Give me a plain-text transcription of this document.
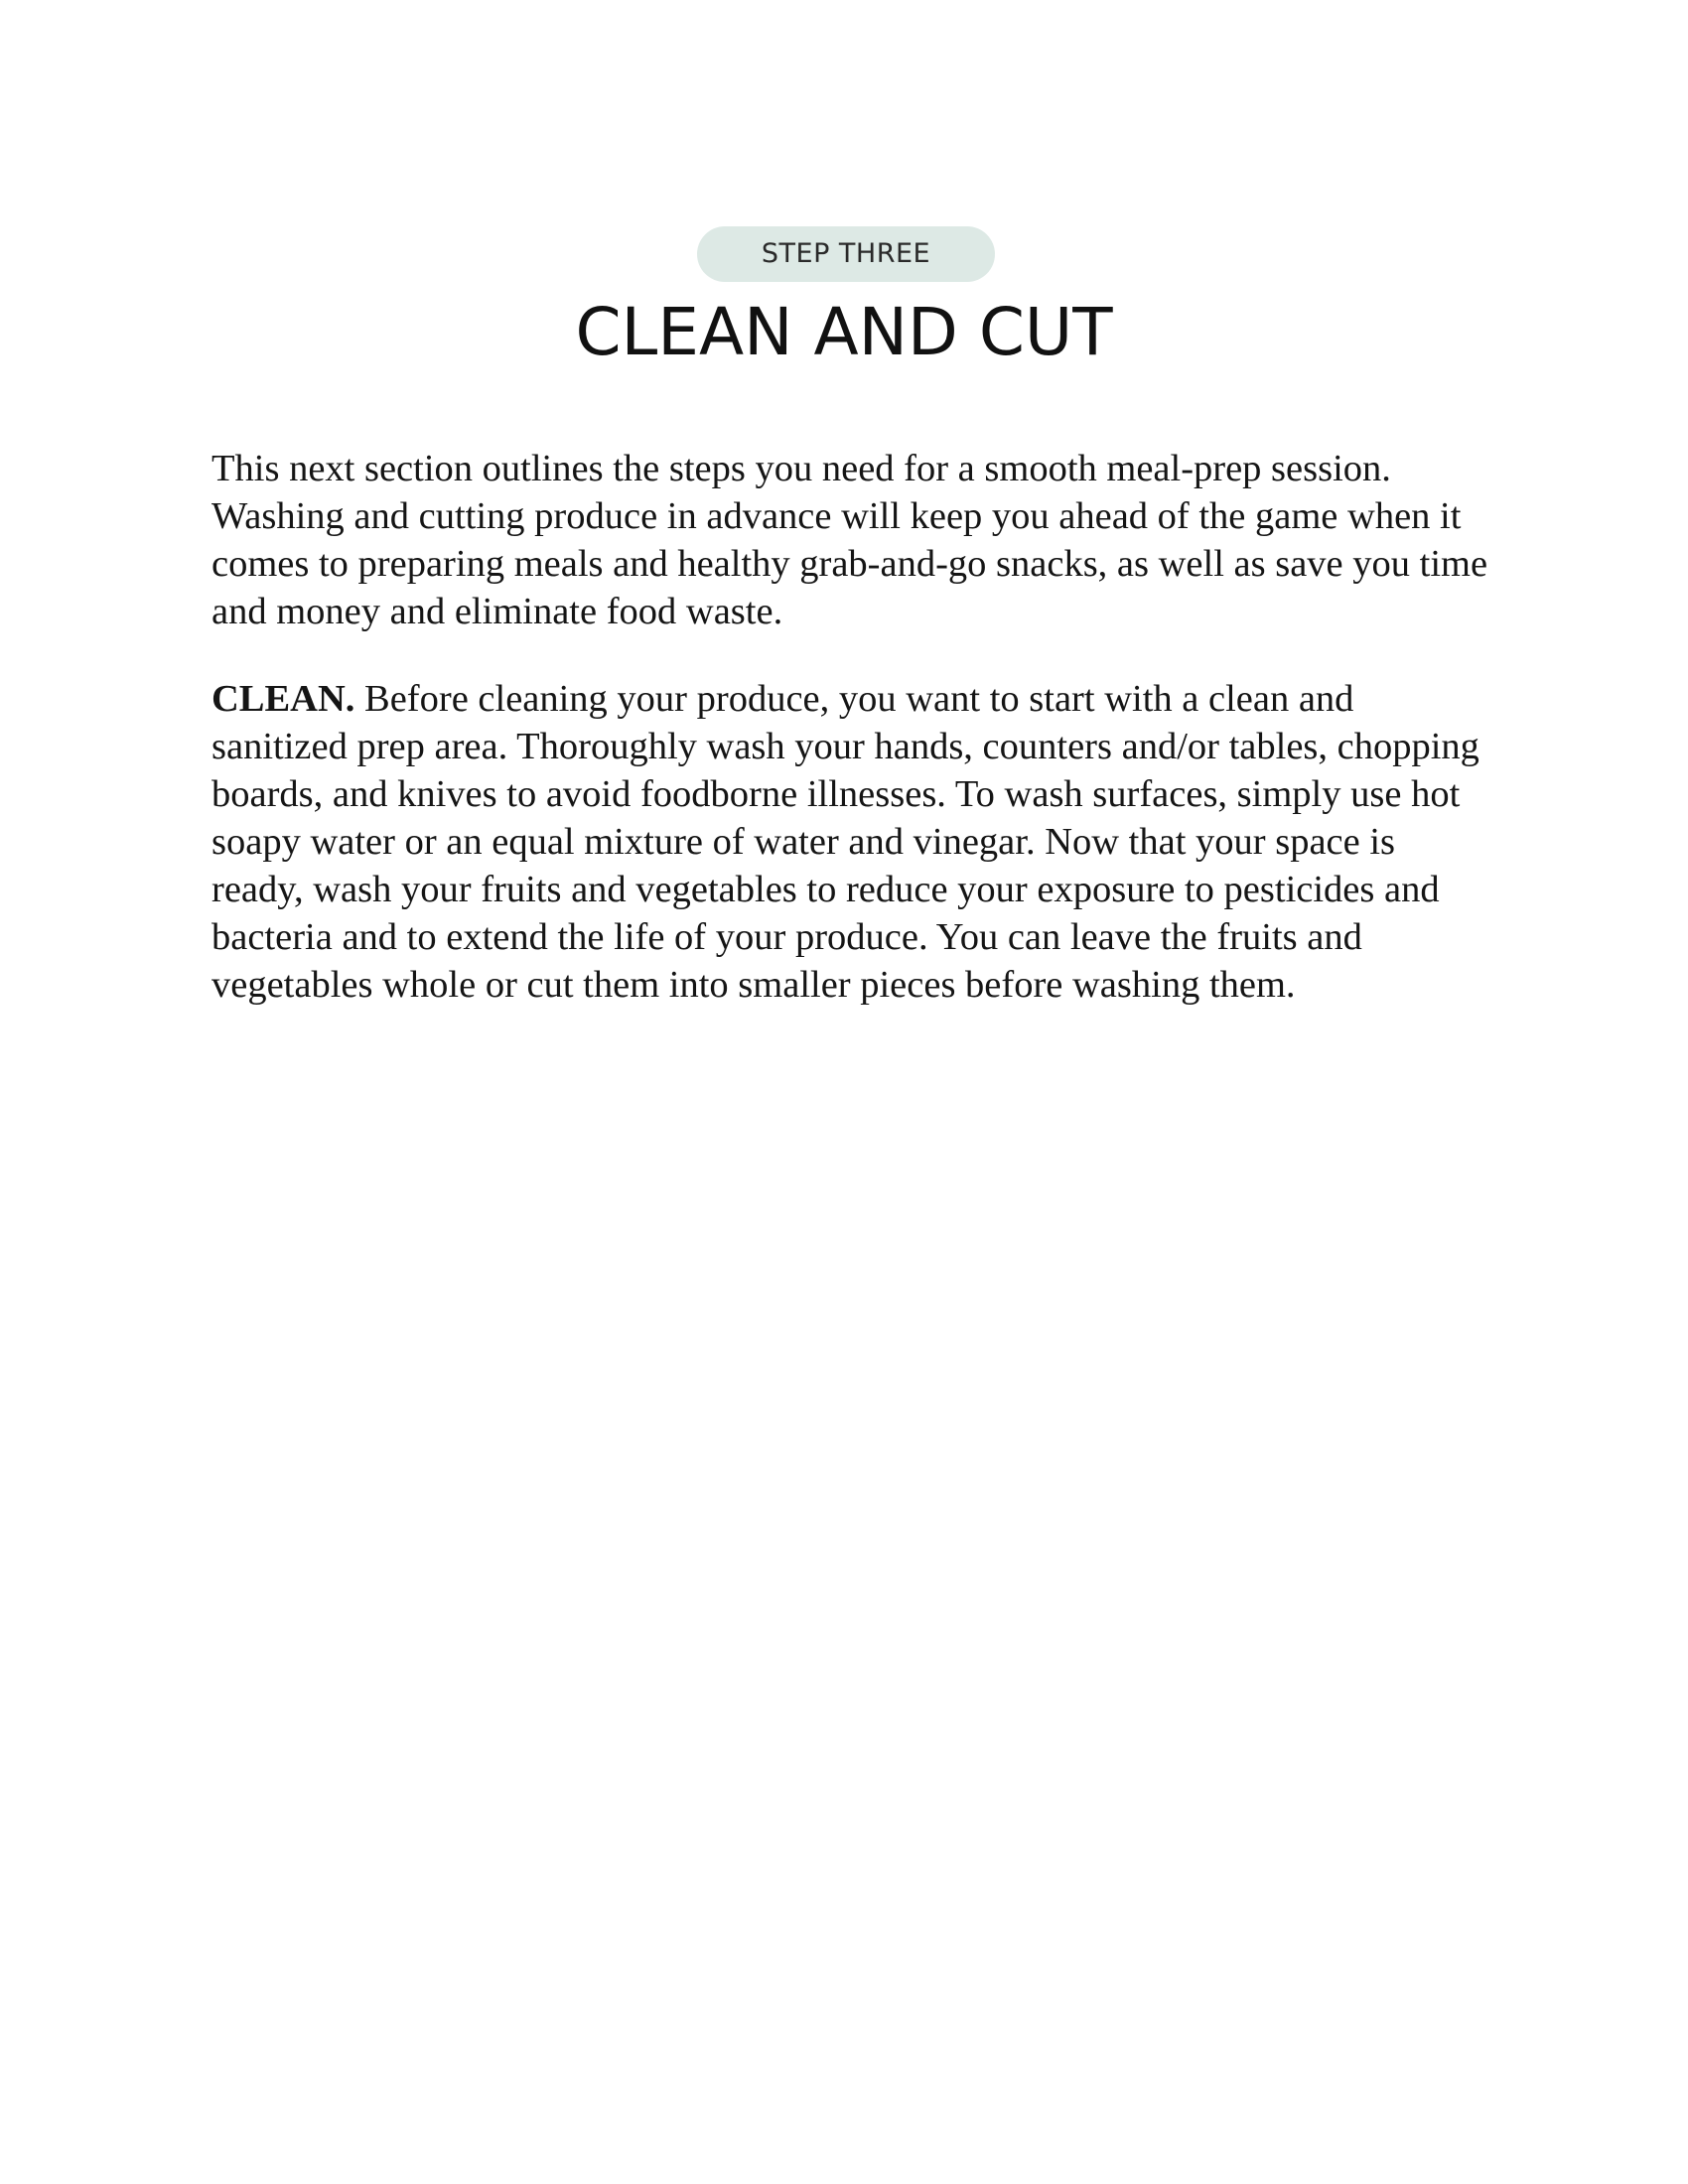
STEP THREE
CLEAN AND CUT

This next section outlines the steps you need for a smooth meal-prep session. Washing and cutting produce in advance will keep you ahead of the game when it comes to preparing meals and healthy grab-and-go snacks, as well as save you time and money and eliminate food waste.

CLEAN. Before cleaning your produce, you want to start with a clean and sanitized prep area. Thoroughly wash your hands, counters and/or tables, chopping boards, and knives to avoid foodborne illnesses. To wash surfaces, simply use hot soapy water or an equal mixture of water and vinegar. Now that your space is ready, wash your fruits and vegetables to reduce your exposure to pesticides and bacteria and to extend the life of your produce. You can leave the fruits and vegetables whole or cut them into smaller pieces before washing them.
